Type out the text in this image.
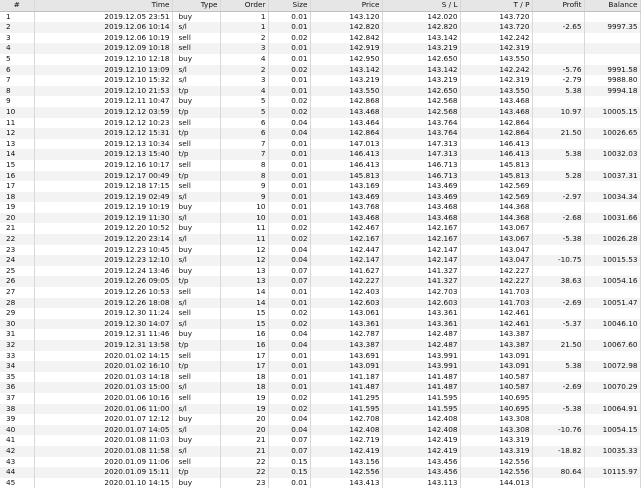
#	Time	Type	Order	Size	Price	S / L	T / P	Profit	Balance
1	2019.12.05 23:51	buy	1	0.01	143.120	142.020	143.720		
2	2019.12.06 10:14	s/l	1	0.01	142.820	142.820	143.720	-2.65	9997.35
3	2019.12.06 10:19	sell	2	0.02	142.842	143.142	142.242		
4	2019.12.09 10:18	sell	3	0.01	142.919	143.219	142.319		
5	2019.12.10 12:18	buy	4	0.01	142.950	142.650	143.550		
6	2019.12.10 13:09	s/l	2	0.02	143.142	143.142	142.242	-5.76	9991.58
7	2019.12.10 15:32	s/l	3	0.01	143.219	143.219	142.319	-2.79	9988.80
8	2019.12.10 21:53	t/p	4	0.01	143.550	142.650	143.550	5.38	9994.18
9	2019.12.11 10:47	buy	5	0.02	142.868	142.568	143.468		
10	2019.12.12 03:59	t/p	5	0.02	143.468	142.568	143.468	10.97	10005.15
11	2019.12.12 10:23	sell	6	0.04	143.464	143.764	142.864		
12	2019.12.12 15:31	t/p	6	0.04	142.864	143.764	142.864	21.50	10026.65
13	2019.12.13 10:34	sell	7	0.01	147.013	147.313	146.413		
14	2019.12.13 15:40	t/p	7	0.01	146.413	147.313	146.413	5.38	10032.03
15	2019.12.16 10:17	sell	8	0.01	146.413	146.713	145.813		
16	2019.12.17 00:49	t/p	8	0.01	145.813	146.713	145.813	5.28	10037.31
17	2019.12.18 17:15	sell	9	0.01	143.169	143.469	142.569		
18	2019.12.19 02:49	s/l	9	0.01	143.469	143.469	142.569	-2.97	10034.34
19	2019.12.19 10:19	buy	10	0.01	143.768	143.468	144.368		
20	2019.12.19 11:30	s/l	10	0.01	143.468	143.468	144.368	-2.68	10031.66
21	2019.12.20 10:52	buy	11	0.02	142.467	142.167	143.067		
22	2019.12.20 23:14	s/l	11	0.02	142.167	142.167	143.067	-5.38	10026.28
23	2019.12.23 10:45	buy	12	0.04	142.447	142.147	143.047		
24	2019.12.23 12:10	s/l	12	0.04	142.147	142.147	143.047	-10.75	10015.53
25	2019.12.24 13:46	buy	13	0.07	141.627	141.327	142.227		
26	2019.12.26 09:05	t/p	13	0.07	142.227	141.327	142.227	38.63	10054.16
27	2019.12.26 10:53	sell	14	0.01	142.403	142.703	141.703		
28	2019.12.26 18:08	s/l	14	0.01	142.603	142.603	141.703	-2.69	10051.47
29	2019.12.30 11:24	sell	15	0.02	143.061	143.361	142.461		
30	2019.12.30 14:07	s/l	15	0.02	143.361	143.361	142.461	-5.37	10046.10
31	2019.12.31 11:46	buy	16	0.04	142.787	142.487	143.387		
32	2019.12.31 13:58	t/p	16	0.04	143.387	142.487	143.387	21.50	10067.60
33	2020.01.02 14:15	sell	17	0.01	143.691	143.991	143.091		
34	2020.01.02 16:10	t/p	17	0.01	143.091	143.991	143.091	5.38	10072.98
35	2020.01.03 14:18	sell	18	0.01	141.187	141.487	140.587		
36	2020.01.03 15:00	s/l	18	0.01	141.487	141.487	140.587	-2.69	10070.29
37	2020.01.06 10:16	sell	19	0.02	141.295	141.595	140.695		
38	2020.01.06 11:00	s/l	19	0.02	141.595	141.595	140.695	-5.38	10064.91
39	2020.01.07 12:12	buy	20	0.04	142.708	142.408	143.308		
40	2020.01.07 14:05	s/l	20	0.04	142.408	142.408	143.308	-10.76	10054.15
41	2020.01.08 11:03	buy	21	0.07	142.719	142.419	143.319		
42	2020.01.08 11:58	s/l	21	0.07	142.419	142.419	143.319	-18.82	10035.33
43	2020.01.09 11:06	sell	22	0.15	143.156	143.456	142.556		
44	2020.01.09 15:11	t/p	22	0.15	142.556	143.456	142.556	80.64	10115.97
45	2020.01.10 14:15	buy	23	0.01	143.413	143.113	144.013		
